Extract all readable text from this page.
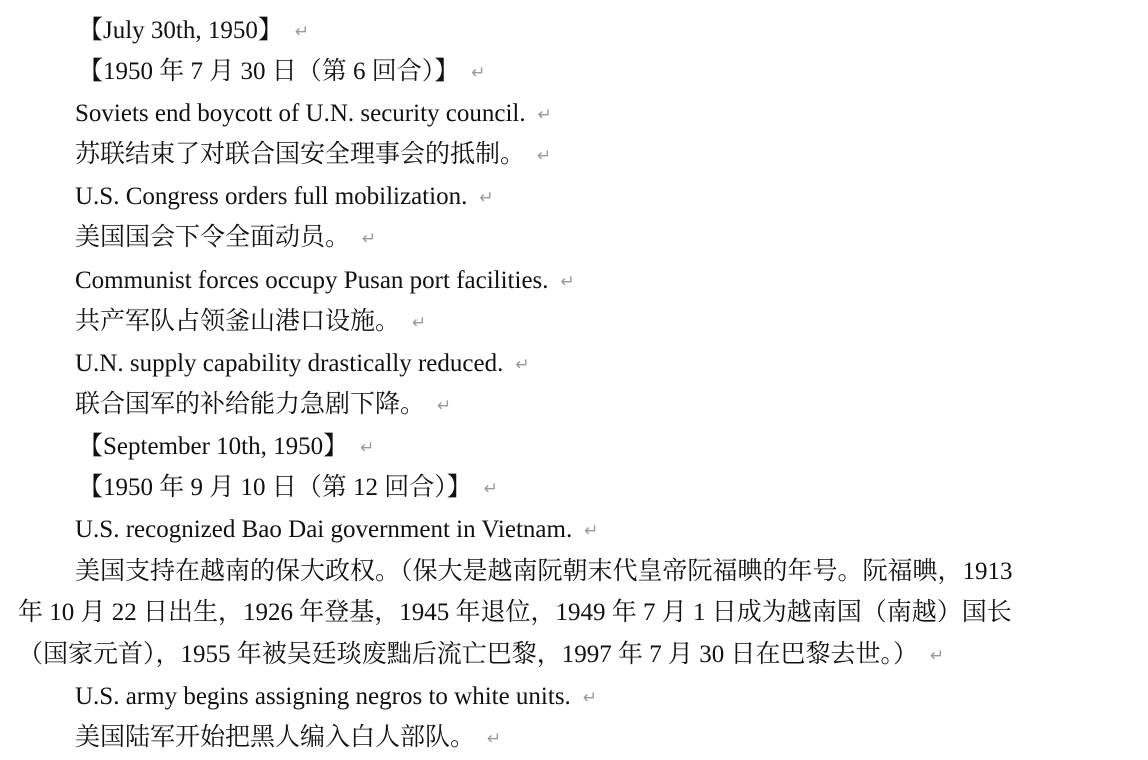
【July 30th, 1950】 ↵
【1950 年 7 月 30 日（第 6 回合）】 ↵
Soviets end boycott of U.N. security council. ↵
苏联结束了对联合国安全理事会的抵制。 ↵
U.S. Congress orders full mobilization. ↵
美国国会下令全面动员。 ↵
Communist forces occupy Pusan port facilities. ↵
共产军队占领釜山港口设施。 ↵
U.N. supply capability drastically reduced. ↵
联合国军的补给能力急剧下降。 ↵
【September 10th, 1950】 ↵
【1950 年 9 月 10 日（第 12 回合）】 ↵
U.S. recognized Bao Dai government in Vietnam. ↵
美国支持在越南的保大政权。（保大是越南阮朝末代皇帝阮福晪的年号。阮福晪，1913
年 10 月 22 日出生，1926 年登基，1945 年退位，1949 年 7 月 1 日成为越南国（南越）国长
（国家元首），1955 年被吴廷琰废黜后流亡巴黎，1997 年 7 月 30 日在巴黎去世。） ↵
U.S. army begins assigning negros to white units. ↵
美国陆军开始把黑人编入白人部队。 ↵
